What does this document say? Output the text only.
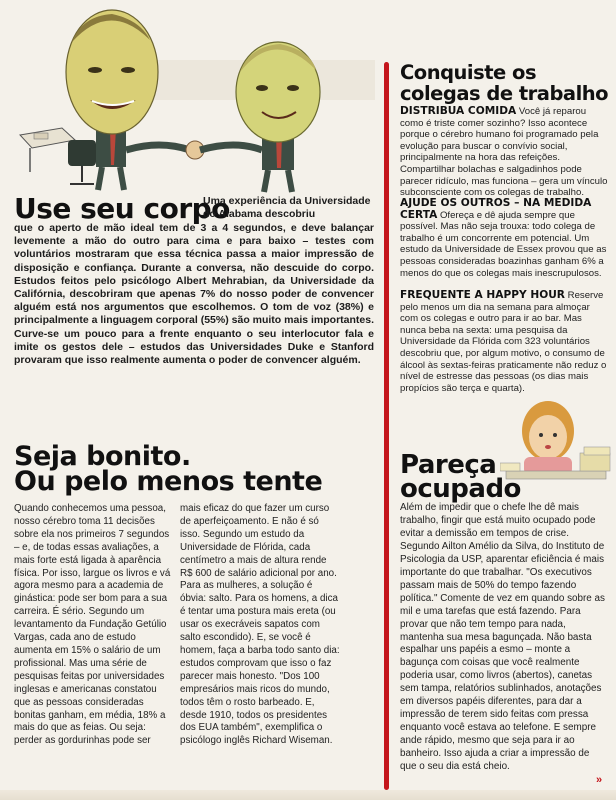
Use seu corpo

Uma experiência da Universidade do Alabama descobriu

que o aperto de mão ideal tem de 3 a 4 segundos, e deve balançar levemente a mão do outro para cima e para baixo – testes com voluntários mostraram que essa técnica passa a maior impressão de disposição e confiança. Durante a conversa, não descuide do corpo. Estudos feitos pelo psicólogo Albert Mehrabian, da Universidade da Califórnia, descobriram que apenas 7% do nosso poder de convencer alguém está nos argumentos que escolhemos. O tom de voz (38%) e principalmente a linguagem corporal (55%) são muito mais importantes. Curve-se um pouco para a frente enquanto o seu interlocutor fala e imite os gestos dele – estudos das Universidades Duke e Stanford provaram que isso realmente aumenta o poder de convencer alguém.

Seja bonito.
Ou pelo menos tente

Quando conhecemos uma pessoa, nosso cérebro toma 11 decisões sobre ela nos primeiros 7 segundos – e, de todas essas avaliações, a mais forte está ligada à aparência física. Por isso, largue os livros e vá agora mesmo para a academia de ginástica: pode ser bom para a sua carreira. É sério. Segundo um levantamento da Fundação Getúlio Vargas, cada ano de estudo aumenta em 15% o salário de um profissional. Mas uma série de pesquisas feitas por universidades inglesas e americanas constatou que as pessoas consideradas bonitas ganham, em média, 18% a mais do que as feias. Ou seja: perder as gordurinhas pode ser

mais eficaz do que fazer um curso de aperfeiçoamento. E não é só isso. Segundo um estudo da Universidade de Flórida, cada centímetro a mais de altura rende R$ 600 de salário adicional por ano. Para as mulheres, a solução é óbvia: salto. Para os homens, a dica é tentar uma postura mais ereta (ou usar os execráveis sapatos com salto escondido). E, se você é homem, faça a barba todo santo dia: estudos comprovam que isso o faz parecer mais honesto. "Dos 100 empresários mais ricos do mundo, todos têm o rosto barbeado. E, desde 1910, todos os presidentes dos EUA também", exemplifica o psicólogo inglês Richard Wiseman.

Conquiste os
colegas de trabalho

DISTRIBUA COMIDA Você já reparou como é triste comer sozinho? Isso acontece porque o cérebro humano foi programado pela evolução para buscar o convívio social, principalmente na hora das refeições. Compartilhar bolachas e salgadinhos pode parecer ridículo, mas funciona – gera um vínculo subconsciente com os colegas de trabalho.

AJUDE OS OUTROS – NA MEDIDA CERTA Ofereça e dê ajuda sempre que possível. Mas não seja trouxa: todo colega de trabalho é um concorrente em potencial. Um estudo da Universidade de Essex provou que as pessoas consideradas boazinhas ganham 6% a menos do que os colegas mais inescrupulosos.

FREQUENTE A HAPPY HOUR Reserve pelo menos um dia na semana para almoçar com os colegas e outro para ir ao bar. Mas nunca beba na sexta: uma pesquisa da Universidade da Flórida com 323 voluntários descobriu que, por algum motivo, o consumo de álcool às sextas-feiras praticamente não reduz o nível de estresse das pessoas (os dias mais propícios são terça e quarta).

Pareça
ocupado

Além de impedir que o chefe lhe dê mais trabalho, fingir que está muito ocupado pode evitar a demissão em tempos de crise. Segundo Ailton Amélio da Silva, do Instituto de Psicologia da USP, aparentar eficiência é mais importante do que trabalhar. "Os executivos passam mais de 50% do tempo fazendo política." Comente de vez em quando sobre as mil e uma tarefas que está fazendo. Para provar que não tem tempo para nada, mantenha sua mesa bagunçada. Não basta espalhar uns papéis a esmo – monte a bagunça com coisas que você realmente poderia usar, como livros (abertos), canetas sem tampa, relatórios sublinhados, anotações em diversos papéis diferentes, para dar a impressão de terem sido feitas com pressa enquanto você estava ao telefone. E sempre ande rápido, mesmo que seja para ir ao banheiro. Isso ajuda a criar a impressão de que o seu dia está cheio.

»
